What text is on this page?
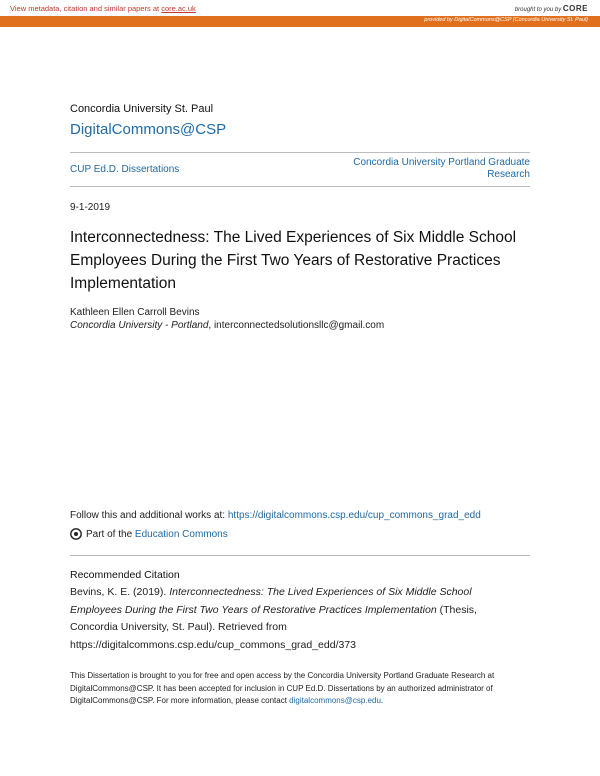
View metadata, citation and similar papers at core.ac.uk	brought to you by CORE
provided by DigitalCommons@CSP (Concordia University St. Paul)
Concordia University St. Paul
DigitalCommons@CSP
CUP Ed.D. Dissertations
Concordia University Portland Graduate
Research
9-1-2019
Interconnectedness: The Lived Experiences of Six Middle School Employees During the First Two Years of Restorative Practices Implementation
Kathleen Ellen Carroll Bevins
Concordia University - Portland, interconnectedsolutionsllc@gmail.com
Follow this and additional works at: https://digitalcommons.csp.edu/cup_commons_grad_edd
Part of the
Education Commons
Recommended Citation
Bevins, K. E. (2019). Interconnectedness: The Lived Experiences of Six Middle School Employees During the First Two Years of Restorative Practices Implementation (Thesis, Concordia University, St. Paul). Retrieved from https://digitalcommons.csp.edu/cup_commons_grad_edd/373
This Dissertation is brought to you for free and open access by the Concordia University Portland Graduate Research at DigitalCommons@CSP. It has been accepted for inclusion in CUP Ed.D. Dissertations by an authorized administrator of DigitalCommons@CSP. For more information, please contact digitalcommons@csp.edu.
